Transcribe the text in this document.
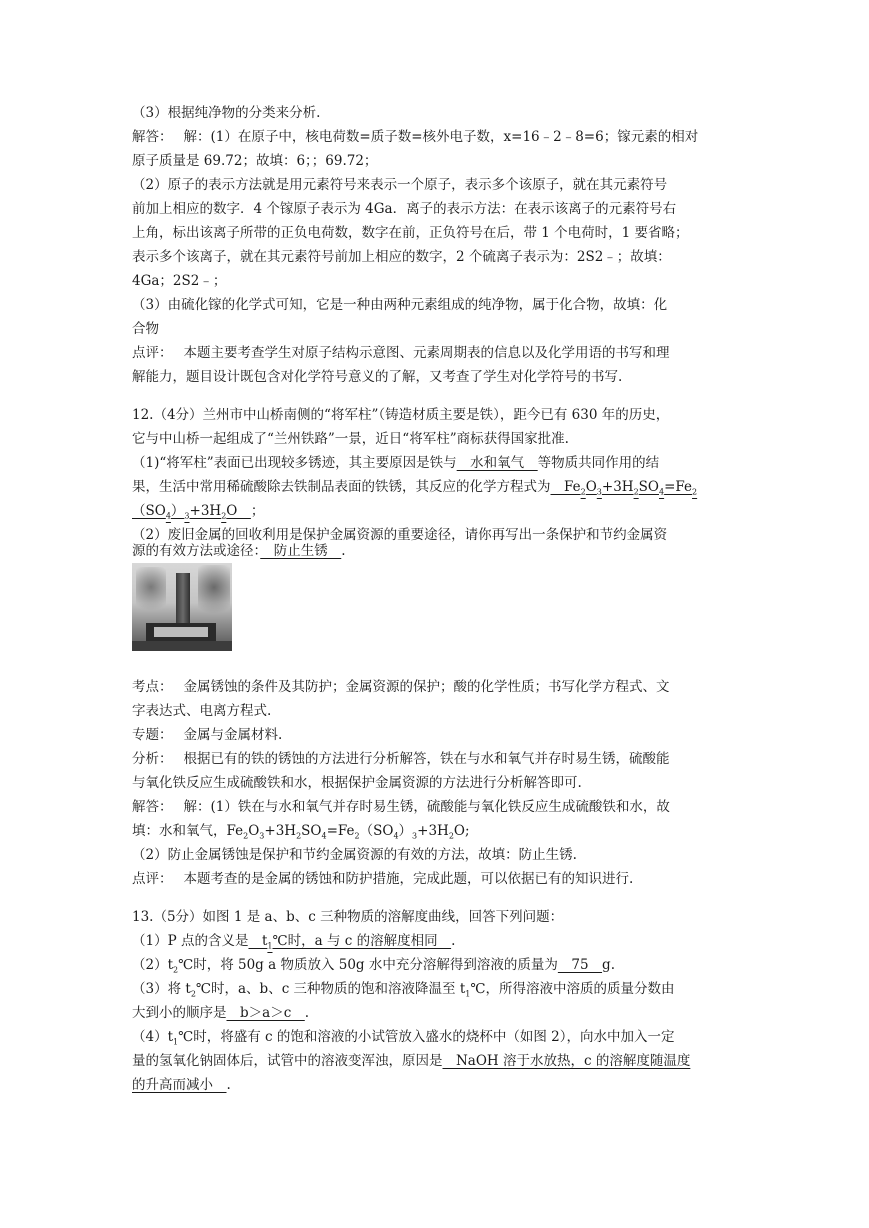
（3）根据纯净物的分类来分析.
解答：　 解：(1）在原子中，核电荷数=质子数=核外电子数，x=16﹣2﹣8=6；镓元素的相对
原子质量是 69.72；故填：6；；69.72；
（2）原子的表示方法就是用元素符号来表示一个原子，表示多个该原子，就在其元素符号
前加上相应的数字．4 个镓原子表示为 4Ga．离子的表示方法：在表示该离子的元素符号右
上角，标出该离子所带的正负电荷数，数字在前，正负符号在后，带 1 个电荷时，1 要省略；
表示多个该离子，就在其元素符号前加上相应的数字，2 个硫离子表示为：2S2﹣；故填：
4Ga；2S2﹣；
（3）由硫化镓的化学式可知，它是一种由两种元素组成的纯净物，属于化合物，故填：化
合物
点评：　 本题主要考查学生对原子结构示意图、元素周期表的信息以及化学用语的书写和理
解能力，题目设计既包含对化学符号意义的了解，又考查了学生对化学符号的书写.
12.（4分）兰州市中山桥南侧的“将军柱”（铸造材质主要是铁），距今已有 630 年的历史，
它与中山桥一起组成了“兰州铁路”一景，近日“将军柱”商标获得国家批准.
（1)“将军柱”表面已出现较多锈迹，其主要原因是铁与　水和氧气　等物质共同作用的结
果，生活中常用稀硫酸除去铁制品表面的铁锈，其反应的化学方程式为　$Fe_2O_3+3H_2SO_4=Fe_2$
$(SO_4)_3+3H_2O$　；
（2）废旧金属的回收利用是保护金属资源的重要途径，请你再写出一条保护和节约金属资
源的有效方法或途径：　防止生锈　.
考点：　 金属锈蚀的条件及其防护；金属资源的保护；酸的化学性质；书写化学方程式、文
字表达式、电离方程式.
专题：　 金属与金属材料.
分析：　 根据已有的铁的锈蚀的方法进行分析解答，铁在与水和氧气并存时易生锈，硫酸能
与氧化铁反应生成硫酸铁和水，根据保护金属资源的方法进行分析解答即可.
解答：　 解：(1）铁在与水和氧气并存时易生锈，硫酸能与氧化铁反应生成硫酸铁和水，故
填：水和氧气，$Fe_2O_3+3H_2SO_4=Fe_2(SO_4)_3+3H_2O$;
（2）防止金属锈蚀是保护和节约金属资源的有效的方法，故填：防止生锈.
点评：　 本题考查的是金属的锈蚀和防护措施，完成此题，可以依据已有的知识进行.
13.（5分）如图 1 是 a、b、c 三种物质的溶解度曲线，回答下列问题：
（1）P 点的含义是　$t_1℃$时，a 与 c 的溶解度相同　.
$(2)t_2℃$时，将 50g a 物质放入 50g 水中充分溶解得到溶液的质量为　75　g.
（3）将 $t_2℃$时，a、b、c 三种物质的饱和溶液降温至 $t_1℃$，所得溶液中溶质的质量分数由
大到小的顺序是　b＞a＞c　.
$(4)t_1℃$时，将盛有 c 的饱和溶液的小试管放入盛水的烧杯中（如图 2），向水中加入一定
量的氢氧化钠固体后，试管中的溶液变浑浊，原因是　NaOH 溶于水放热，c 的溶解度随温度
的升高而减小　.
